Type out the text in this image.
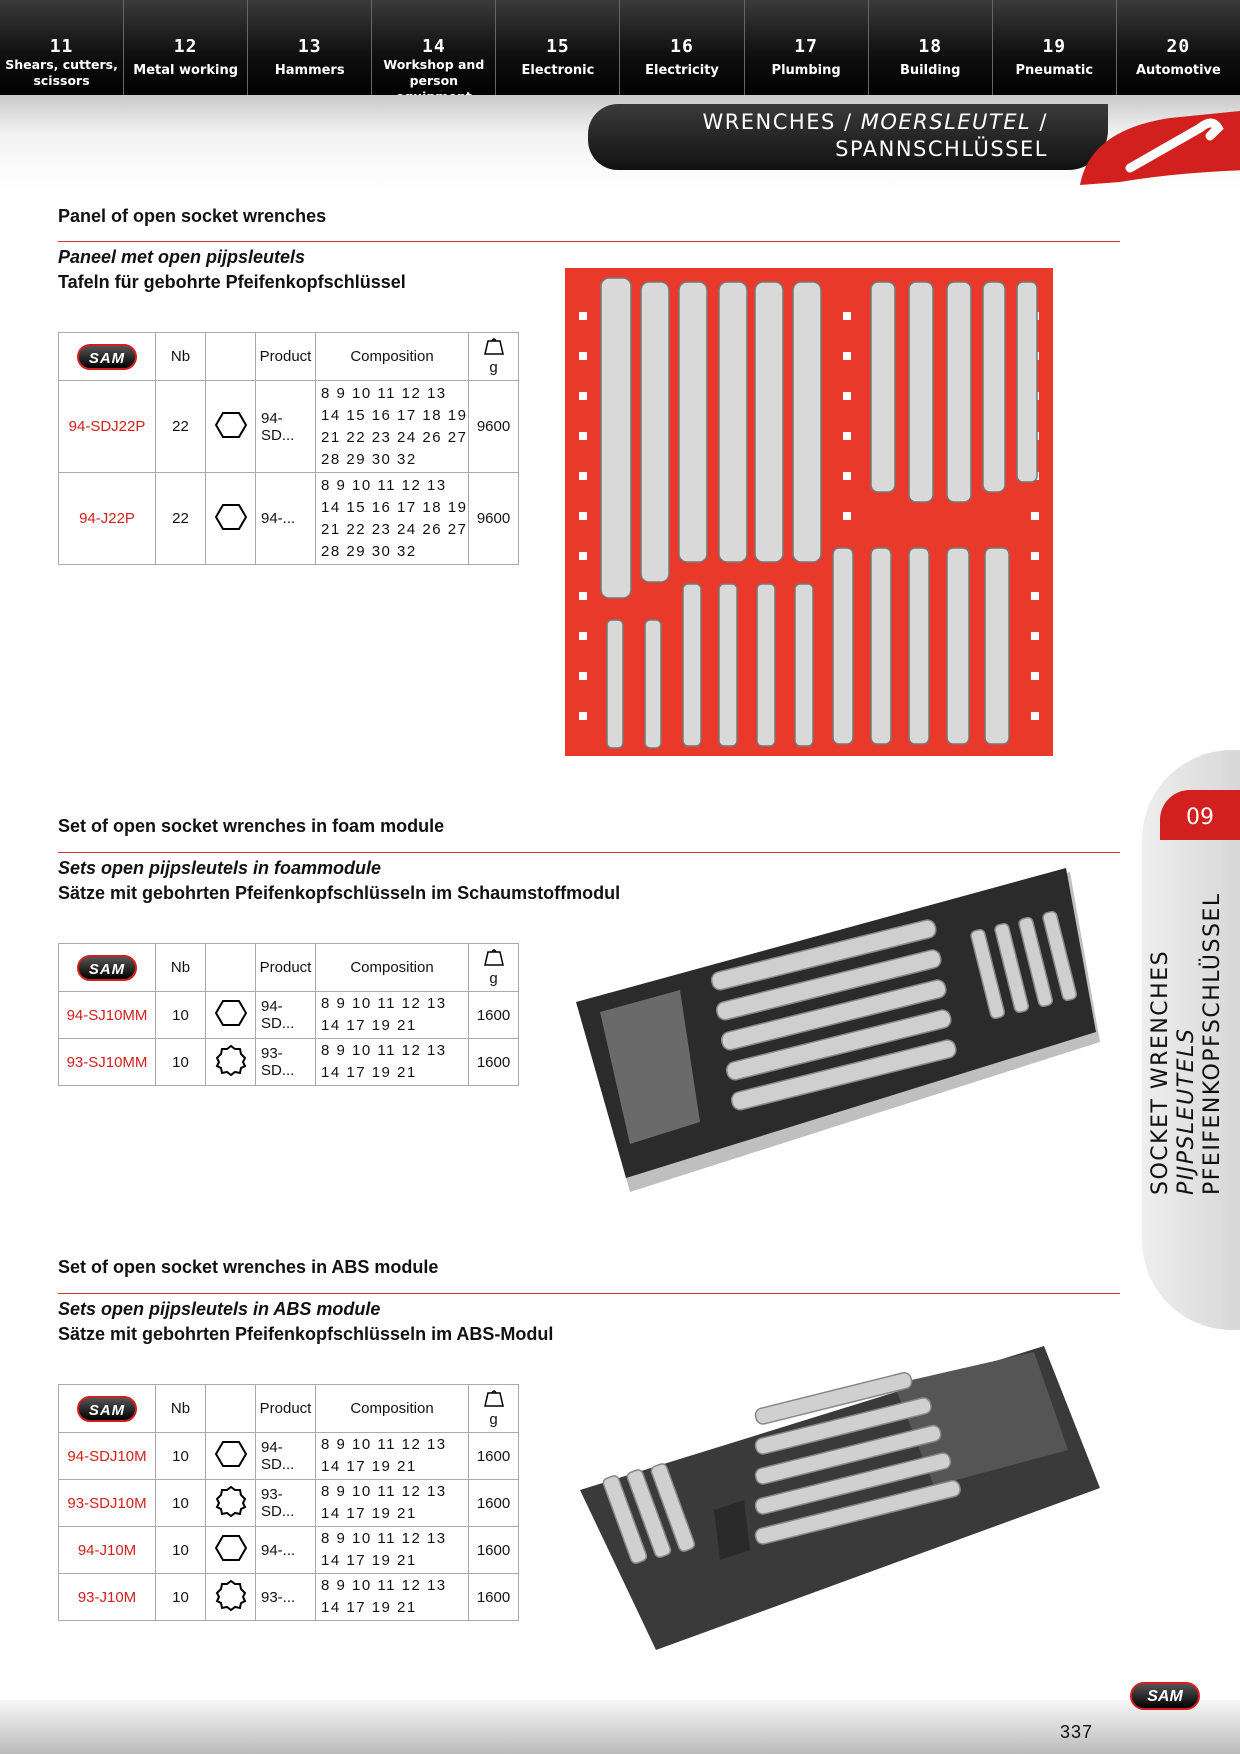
11
Shears, cutters, scissors
12
Metal working
13
Hammers
14
Workshop and person
15
Electronic
16
Electricity
17
Plumbing
18
Building
19
Pneumatic
20
Automotive
WRENCHES / MOERSLEUTEL /
SPANNSCHLÜSSEL
Panel of open socket wrenches
Paneel met open pijpsleutels
Tafeln für gebohrte Pfeifenkopfschlüssel
SAM	Nb		Product	Composition	g
94-SDJ22P	22		94-SD...	8 9 10 11 12 13 14 15 16 17 18 19 21 22 23 24 26 27 28 29 30 32	9600
94-J22P	22		94-...	8 9 10 11 12 13 14 15 16 17 18 19 21 22 23 24 26 27 28 29 30 32	9600
Set of open socket wrenches in foam module
Sets open pijpsleutels in foammodule
Sätze mit gebohrten Pfeifenkopfschlüsseln im Schaumstoffmodul
SAM	Nb		Product	Composition	g
94-SJ10MM	10		94-SD...	8 9 10 11 12 13 14 17 19 21	1600
93-SJ10MM	10		93-SD...	8 9 10 11 12 13 14 17 19 21	1600
Set of open socket wrenches in ABS module
Sets open pijpsleutels in ABS module
Sätze mit gebohrten Pfeifenkopfschlüsseln im ABS-Modul
SAM	Nb		Product	Composition	g
94-SDJ10M	10		94-SD...	8 9 10 11 12 13 14 17 19 21	1600
93-SDJ10M	10		93-SD...	8 9 10 11 12 13 14 17 19 21	1600
94-J10M	10		94-...	8 9 10 11 12 13 14 17 19 21	1600
93-J10M	10		93-...	8 9 10 11 12 13 14 17 19 21	1600
09
SOCKET WRENCHES PIJPSLEUTELS PFEIFENKOPFSCHLÜSSEL
337
SAM
